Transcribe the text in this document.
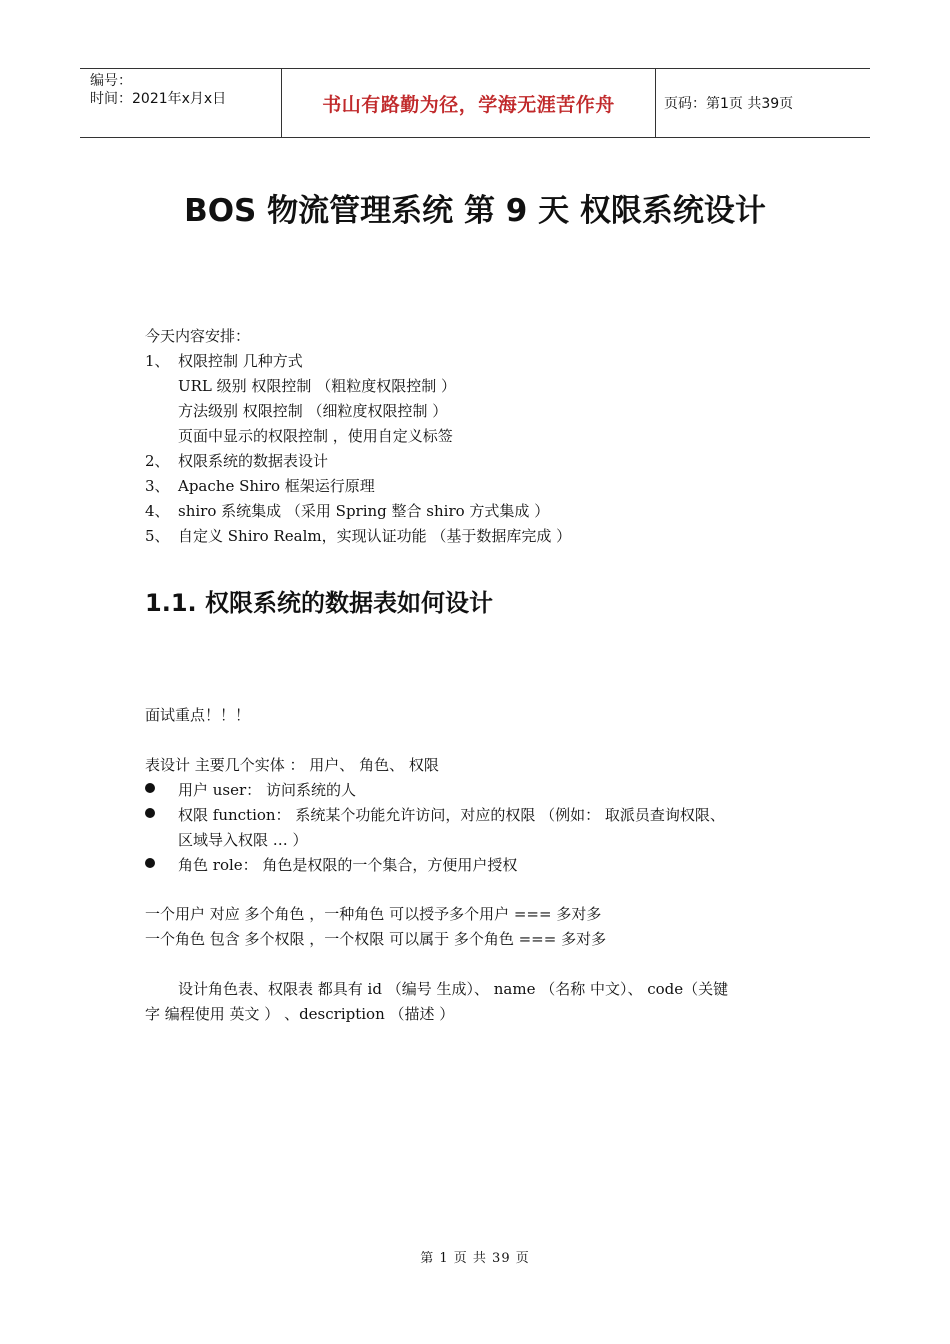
编号：
时间：2021年x月x日	书山有路勤为径，学海无涯苦作舟	页码：第1页 共39页
BOS 物流管理系统 第 9 天 权限系统设计
今天内容安排：
1、 权限控制 几种方式
URL 级别 权限控制 （粗粒度权限控制 ）
方法级别 权限控制 （细粒度权限控制 ）
页面中显示的权限控制 ，使用自定义标签
2、 权限系统的数据表设计
3、 Apache Shiro 框架运行原理
4、 shiro 系统集成 （采用 Spring 整合 shiro 方式集成 ）
5、 自定义 Shiro Realm，实现认证功能 （基于数据库完成 ）
1.1. 权限系统的数据表如何设计
面试重点！！！
表设计 主要几个实体 ： 用户、 角色、 权限
用户 user： 访问系统的人
权限 function： 系统某个功能允许访问，对应的权限 （例如： 取派员查询权限、
区域导入权限 … ）
角色 role： 角色是权限的一个集合，方便用户授权
一个用户 对应 多个角色 ，一种角色 可以授予多个用户 === 多对多
一个角色 包含 多个权限 ，一个权限 可以属于 多个角色 === 多对多
设计角色表、权限表 都具有 id （编号 生成）、 name （名称 中文）、 code（关键
字 编程使用 英文 ） 、description （描述 ）
第 1 页 共 39 页
